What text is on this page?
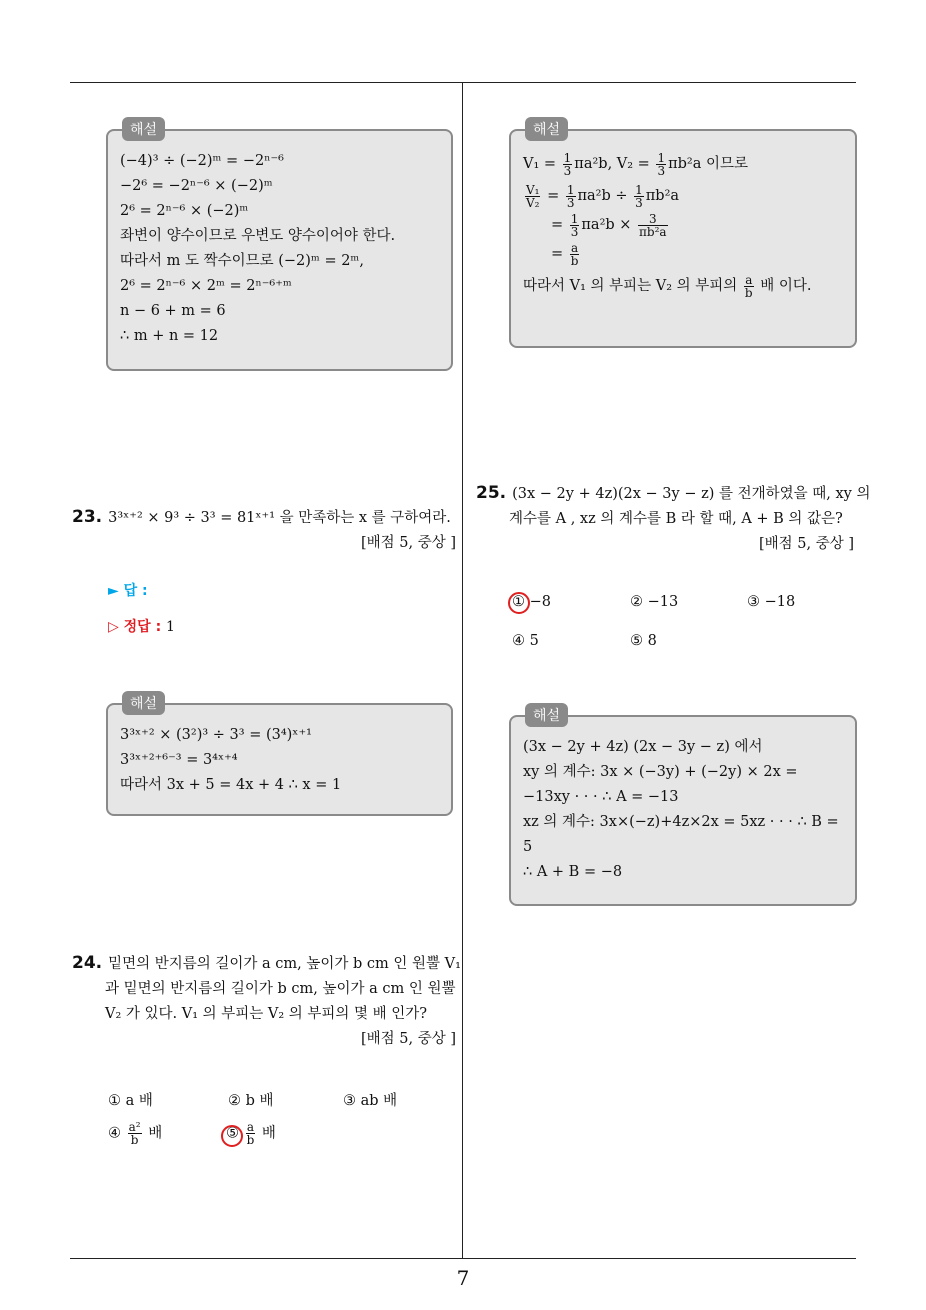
해설
(−4)³ ÷ (−2)ᵐ = −2ⁿ⁻⁶
−2⁶ = −2ⁿ⁻⁶ × (−2)ᵐ
2⁶ = 2ⁿ⁻⁶ × (−2)ᵐ
좌변이 양수이므로 우변도 양수이어야 한다.
따라서 m 도 짝수이므로 (−2)ᵐ = 2ᵐ,
2⁶ = 2ⁿ⁻⁶ × 2ᵐ = 2ⁿ⁻⁶⁺ᵐ
n − 6 + m = 6
∴ m + n = 12
23. 3³ˣ⁺² × 9³ ÷ 3³ = 81ˣ⁺¹ 을 만족하는 x 를 구하여라.
[배점 5, 중상 ]
► 답 :
▷ 정답 : 1
해설
3³ˣ⁺² × (3²)³ ÷ 3³ = (3⁴)ˣ⁺¹
3³ˣ⁺²⁺⁶⁻³ = 3⁴ˣ⁺⁴
따라서 3x + 5 = 4x + 4 ∴ x = 1
24. 밑면의 반지름의 길이가 a cm, 높이가 b cm 인 원뿔 V₁
과 밑면의 반지름의 길이가 b cm, 높이가 a cm 인 원뿔
V₂ 가 있다. V₁ 의 부피는 V₂ 의 부피의 몇 배 인가?
[배점 5, 중상 ]
① a 배	② b 배	③ ab 배
④ $\frac{\text{a²}}{b}$ 배	⑤ $\frac{a}{b}$ 배
해설
$V_1 = \frac{1}{3} \pi a^2b$, $V_2 = \frac{1}{3} \pi b^2a$ 이므로
$\frac{\text{V₁}}{\text{V₂}} = \frac{1}{3} \pi a^2b \div \frac{1}{3} \pi b^2a$
= $\frac{1}{3} \pi a^2b \times \frac{3}{\text{πb²a}}$
= $\frac{a}{b}$
따라서 V₁ 의 부피는 V₂ 의 부피의 $\frac{a}{b}$ 배 이다.
25. (3x − 2y + 4z)(2x − 3y − z) 를 전개하였을 때, xy 의
계수를 A , xz 의 계수를 B 라 할 때, A + B 의 값은?
[배점 5, 중상 ]
① −8	② −13	③ −18
④ 5	⑤ 8
해설
(3x − 2y + 4z) (2x − 3y − z) 에서
xy 의 계수: 3x × (−3y) + (−2y) × 2x =
−13xy · · · ∴ A = −13
xz 의 계수: 3x×(−z)+4z×2x = 5xz · · · ∴ B =
5
∴ A + B = −8
7
